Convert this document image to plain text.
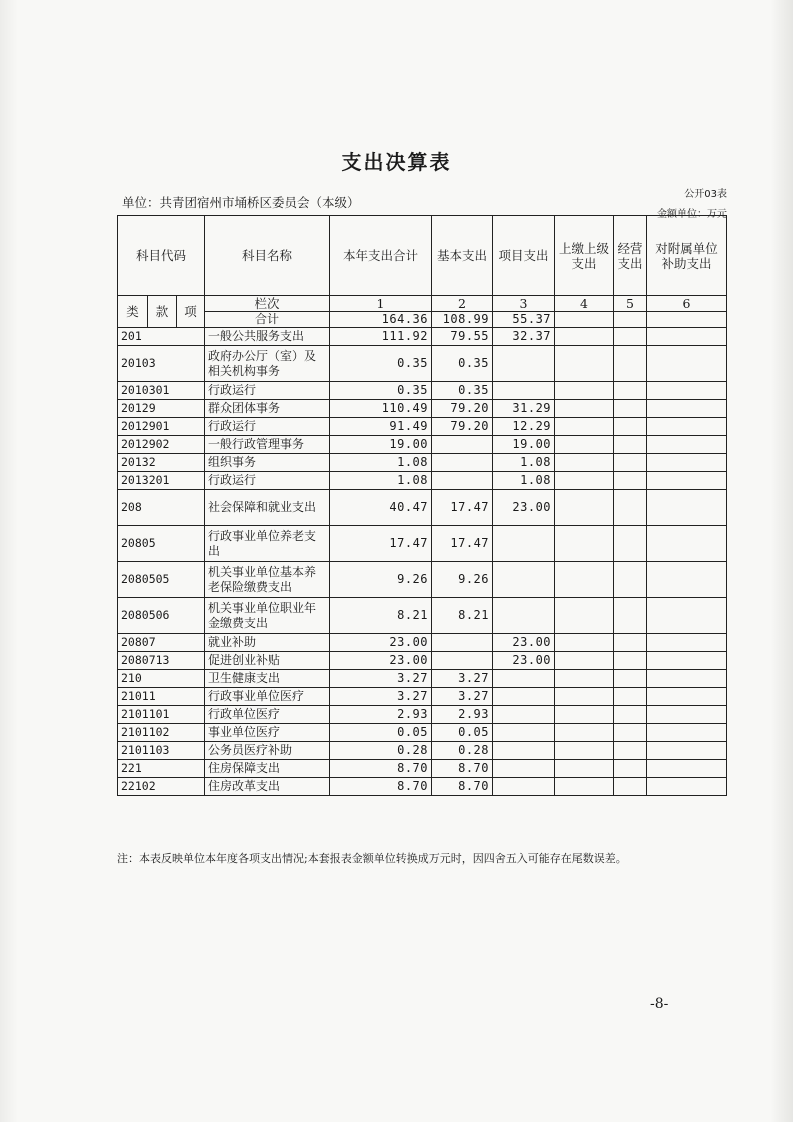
支出决算表
公开03表
单位：共青团宿州市埇桥区委员会（本级）
金额单位：万元
科目代码			科目名称	本年支出合计	基本支出	项目支出	上缴上级支出	经营支出	对附属单位补助支出
类	款	项	栏次	1	2	3	4	5	6
			合计	164.36	108.99	55.37			
201			一般公共服务支出	111.92	79.55	32.37			
20103			政府办公厅（室）及相关机构事务	0.35	0.35				
2010301			行政运行	0.35	0.35				
20129			群众团体事务	110.49	79.20	31.29			
2012901			行政运行	91.49	79.20	12.29			
2012902			一般行政管理事务	19.00		19.00			
20132			组织事务	1.08		1.08			
2013201			行政运行	1.08		1.08			
208			社会保障和就业支出	40.47	17.47	23.00			
20805			行政事业单位养老支出	17.47	17.47				
2080505			机关事业单位基本养老保险缴费支出	9.26	9.26				
2080506			机关事业单位职业年金缴费支出	8.21	8.21				
20807			就业补助	23.00		23.00			
2080713			促进创业补贴	23.00		23.00			
210			卫生健康支出	3.27	3.27				
21011			行政事业单位医疗	3.27	3.27				
2101101			行政单位医疗	2.93	2.93				
2101102			事业单位医疗	0.05	0.05				
2101103			公务员医疗补助	0.28	0.28				
221			住房保障支出	8.70	8.70				
22102			住房改革支出	8.70	8.70				
注：本表反映单位本年度各项支出情况;本套报表金额单位转换成万元时，因四舍五入可能存在尾数误差。
-8-
